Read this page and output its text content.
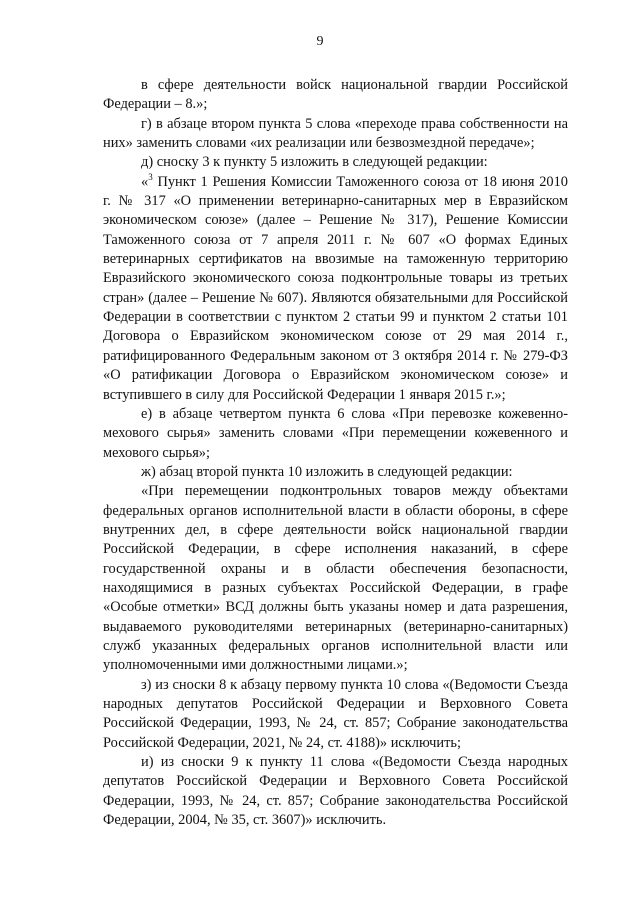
9

в сфере деятельности войск национальной гвардии Российской Федерации – 8.»;

г) в абзаце втором пункта 5 слова «переходе права собственности на них» заменить словами «их реализации или безвозмездной передаче»;

д) сноску 3 к пункту 5 изложить в следующей редакции:

«$^3$ Пункт 1 Решения Комиссии Таможенного союза от 18 июня 2010 г. № 317 «О применении ветеринарно-санитарных мер в Евразийском экономическом союзе» (далее – Решение № 317), Решение Комиссии Таможенного союза от 7 апреля 2011 г. № 607 «О формах Единых ветеринарных сертификатов на ввозимые на таможенную территорию Евразийского экономического союза подконтрольные товары из третьих стран» (далее – Решение № 607). Являются обязательными для Российской Федерации в соответствии с пунктом 2 статьи 99 и пунктом 2 статьи 101 Договора о Евразийском экономическом союзе от 29 мая 2014 г., ратифицированного Федеральным законом от 3 октября 2014 г. № 279-ФЗ «О ратификации Договора о Евразийском экономическом союзе» и вступившего в силу для Российской Федерации 1 января 2015 г.»;

е) в абзаце четвертом пункта 6 слова «При перевозке кожевенно-мехового сырья» заменить словами «При перемещении кожевенного и мехового сырья»;

ж) абзац второй пункта 10 изложить в следующей редакции:

«При перемещении подконтрольных товаров между объектами федеральных органов исполнительной власти в области обороны, в сфере внутренних дел, в сфере деятельности войск национальной гвардии Российской Федерации, в сфере исполнения наказаний, в сфере государственной охраны и в области обеспечения безопасности, находящимися в разных субъектах Российской Федерации, в графе «Особые отметки» ВСД должны быть указаны номер и дата разрешения, выдаваемого руководителями ветеринарных (ветеринарно-санитарных) служб указанных федеральных органов исполнительной власти или уполномоченными ими должностными лицами.»;

з) из сноски 8 к абзацу первому пункта 10 слова «(Ведомости Съезда народных депутатов Российской Федерации и Верховного Совета Российской Федерации, 1993, № 24, ст. 857; Собрание законодательства Российской Федерации, 2021, № 24, ст. 4188)» исключить;

и) из сноски 9 к пункту 11 слова «(Ведомости Съезда народных депутатов Российской Федерации и Верховного Совета Российской Федерации, 1993, № 24, ст. 857; Собрание законодательства Российской Федерации, 2004, № 35, ст. 3607)» исключить.
